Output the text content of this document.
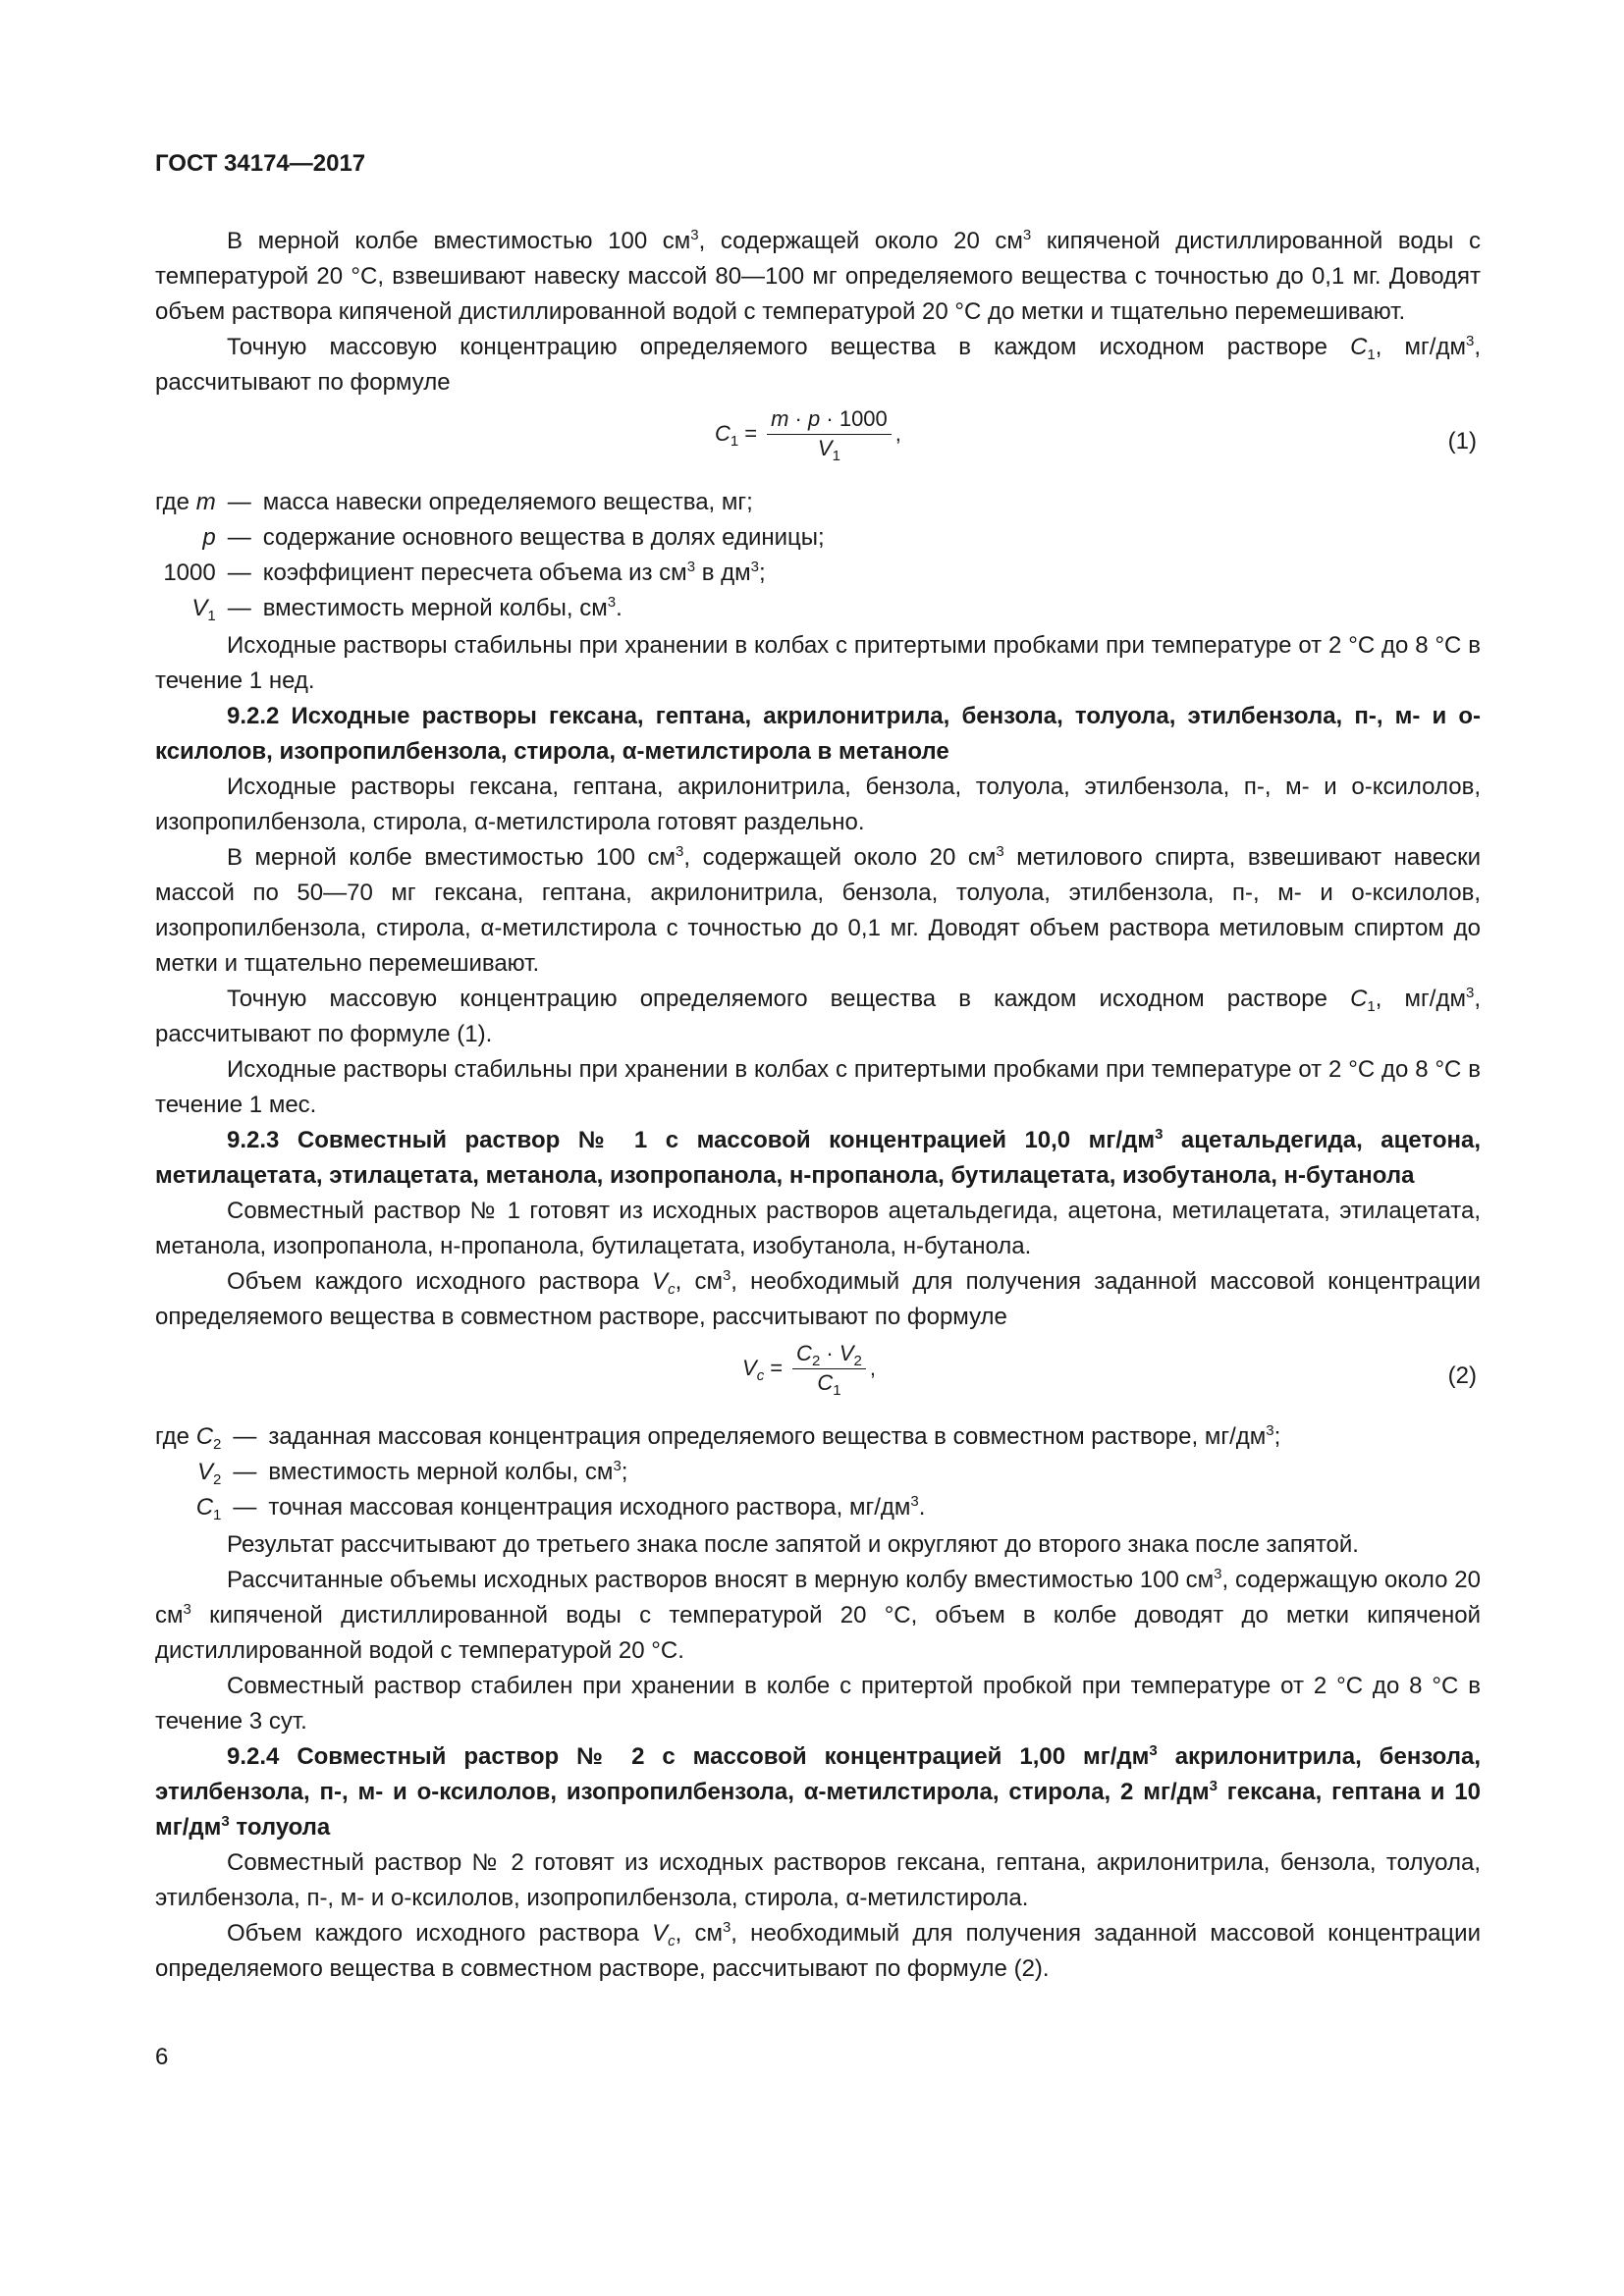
ГОСТ 34174—2017

В мерной колбе вместимостью 100 $см^3$, содержащей около 20 $см^3$ кипяченой дистиллированной воды с температурой 20 °С, взвешивают навеску массой 80—100 мг определяемого вещества с точностью до 0,1 мг. Доводят объем раствора кипяченой дистиллированной водой с температурой 20 °С до метки и тщательно перемешивают.

Точную массовую концентрацию определяемого вещества в каждом исходном растворе $C_1$, $мг/дм^3$, рассчитывают по формуле

$C_1 = \frac{m \cdot p \cdot 1000}{V_1}$ ,	(1)
где m — масса навески определяемого вещества, мг;
p — содержание основного вещества в долях единицы;
1000 — коэффициент пересчета объема из $см^3$ в $дм^3$;
$V_1$ — вместимость мерной колбы, $см^3$.

Исходные растворы стабильны при хранении в колбах с притертыми пробками при температуре от 2 °С до 8 °С в течение 1 нед.

9.2.2 Исходные растворы гексана, гептана, акрилонитрила, бензола, толуола, этилбензола, п-, м- и о-ксилолов, изопропилбензола, стирола, α-метилстирола в метаноле

Исходные растворы гексана, гептана, акрилонитрила, бензола, толуола, этилбензола, п-, м- и о-ксилолов, изопропилбензола, стирола, α-метилстирола готовят раздельно.

В мерной колбе вместимостью 100 $см^3$, содержащей около 20 $см^3$ метилового спирта, взвешивают навески массой по 50—70 мг гексана, гептана, акрилонитрила, бензола, толуола, этилбензола, п-, м- и о-ксилолов, изопропилбензола, стирола, α-метилстирола с точностью до 0,1 мг. Доводят объем раствора метиловым спиртом до метки и тщательно перемешивают.

Точную массовую концентрацию определяемого вещества в каждом исходном растворе $C_1$, $мг/дм^3$, рассчитывают по формуле (1).

Исходные растворы стабильны при хранении в колбах с притертыми пробками при температуре от 2 °С до 8 °С в течение 1 мес.

9.2.3 Совместный раствор № 1 с массовой концентрацией 10,0 $мг/дм^3$ ацетальдегида, ацетона, метилацетата, этилацетата, метанола, изопропанола, н-пропанола, бутилацетата, изобутанола, н-бутанола

Совместный раствор № 1 готовят из исходных растворов ацетальдегида, ацетона, метилацетата, этилацетата, метанола, изопропанола, н-пропанола, бутилацетата, изобутанола, н-бутанола.

Объем каждого исходного раствора $V_c$, $см^3$, необходимый для получения заданной массовой концентрации определяемого вещества в совместном растворе, рассчитывают по формуле

$V_c = \frac{C_2 \cdot V_2}{C_1}$ ,	(2)
где $C_2$ — заданная массовая концентрация определяемого вещества в совместном растворе, $мг/дм^3$;
$V_2$ — вместимость мерной колбы, $см^3$;
$C_1$ — точная массовая концентрация исходного раствора, $мг/дм^3$.

Результат рассчитывают до третьего знака после запятой и округляют до второго знака после запятой.

Рассчитанные объемы исходных растворов вносят в мерную колбу вместимостью 100 $см^3$, содержащую около 20 $см^3$ кипяченой дистиллированной воды с температурой 20 °С, объем в колбе доводят до метки кипяченой дистиллированной водой с температурой 20 °С.

Совместный раствор стабилен при хранении в колбе с притертой пробкой при температуре от 2 °С до 8 °С в течение 3 сут.

9.2.4 Совместный раствор № 2 с массовой концентрацией 1,00 $мг/дм^3$ акрилонитрила, бензола, этилбензола, п-, м- и о-ксилолов, изопропилбензола, α-метилстирола, стирола, 2 $мг/дм^3$ гексана, гептана и 10 $мг/дм^3$ толуола

Совместный раствор № 2 готовят из исходных растворов гексана, гептана, акрилонитрила, бензола, толуола, этилбензола, п-, м- и о-ксилолов, изопропилбензола, стирола, α-метилстирола.

Объем каждого исходного раствора $V_c$, $см^3$, необходимый для получения заданной массовой концентрации определяемого вещества в совместном растворе, рассчитывают по формуле (2).

6
